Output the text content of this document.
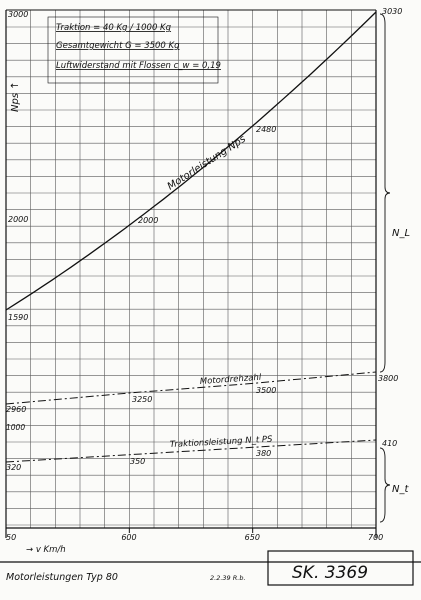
Traktion = 40 Kg / 1000 Kg
Gesamtgewicht G = 3500 Kg
Luftwiderstand mit Flossen c_w = 0,19
Motorleistung Nps
Motordrehzahl
Traktionsleistung N_t PS
1590
2000
2480
3030
2960
3250
3500
3800
320
350
380
410
3000
2000
1000
Nps ↑
N_L
N_t
50	600	650	700
→ v Km/h
Motorleistungen Typ 80	2.2.39 R.b.	SK. 3369
